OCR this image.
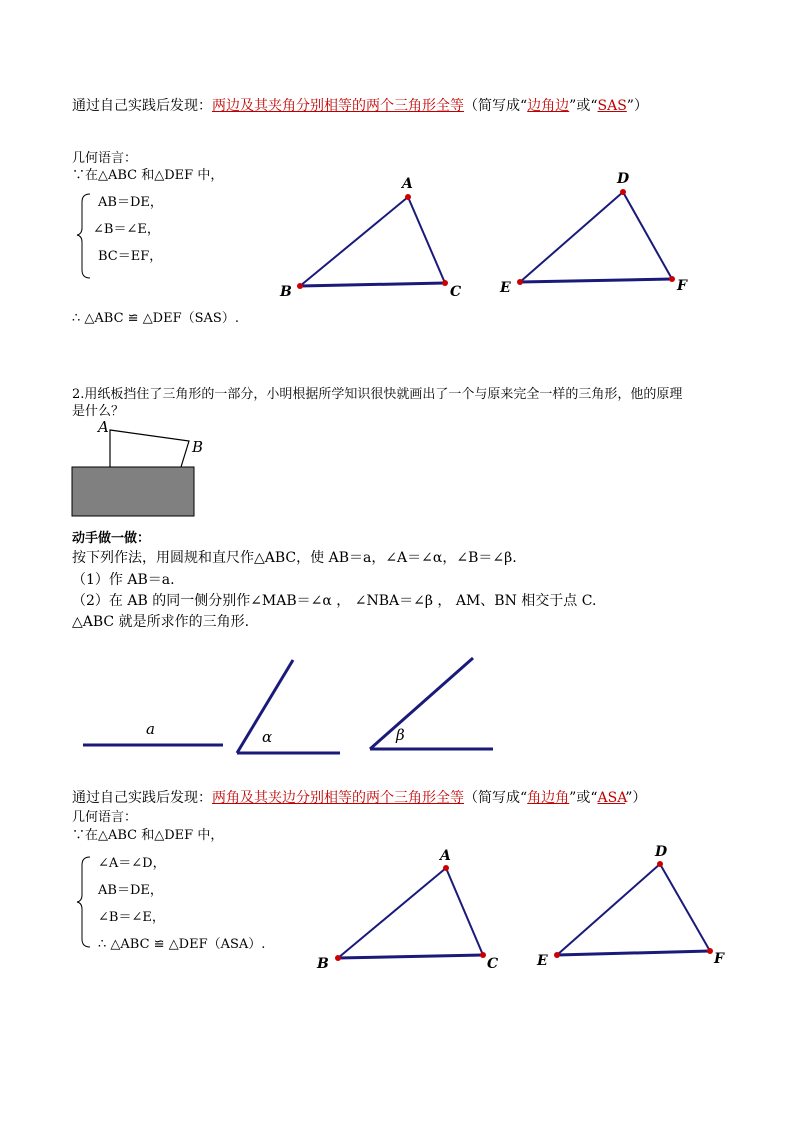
通过自己实践后发现：两边及其夹角分别相等的两个三角形全等（简写成“边角边”或“SAS”）
几何语言：
∵在△ABC 和△DEF 中，
AB＝DE，
∠B＝∠E，
BC＝EF，
∴ △ABC ≌ △DEF（SAS）.
A
B	C
D
E	F
2.用纸板挡住了三角形的一部分，小明根据所学知识很快就画出了一个与原来完全一样的三角形，他的原理
是什么？
A
B
动手做一做：
按下列作法，用圆规和直尺作△ABC，使 AB＝a，∠A＝∠α，∠B＝∠β.
（1）作 AB＝a.
（2）在 AB 的同一侧分别作∠MAB＝∠α ， ∠NBA＝∠β ， AM、BN 相交于点 C.
△ABC 就是所求作的三角形.
a	α	β
通过自己实践后发现：两角及其夹边分别相等的两个三角形全等（简写成“角边角”或“ASA”）
几何语言：
∵在△ABC 和△DEF 中，
∠A＝∠D，
AB＝DE，
∠B＝∠E，
∴ △ABC ≌ △DEF（ASA）.
A
B	C
D
E	F
